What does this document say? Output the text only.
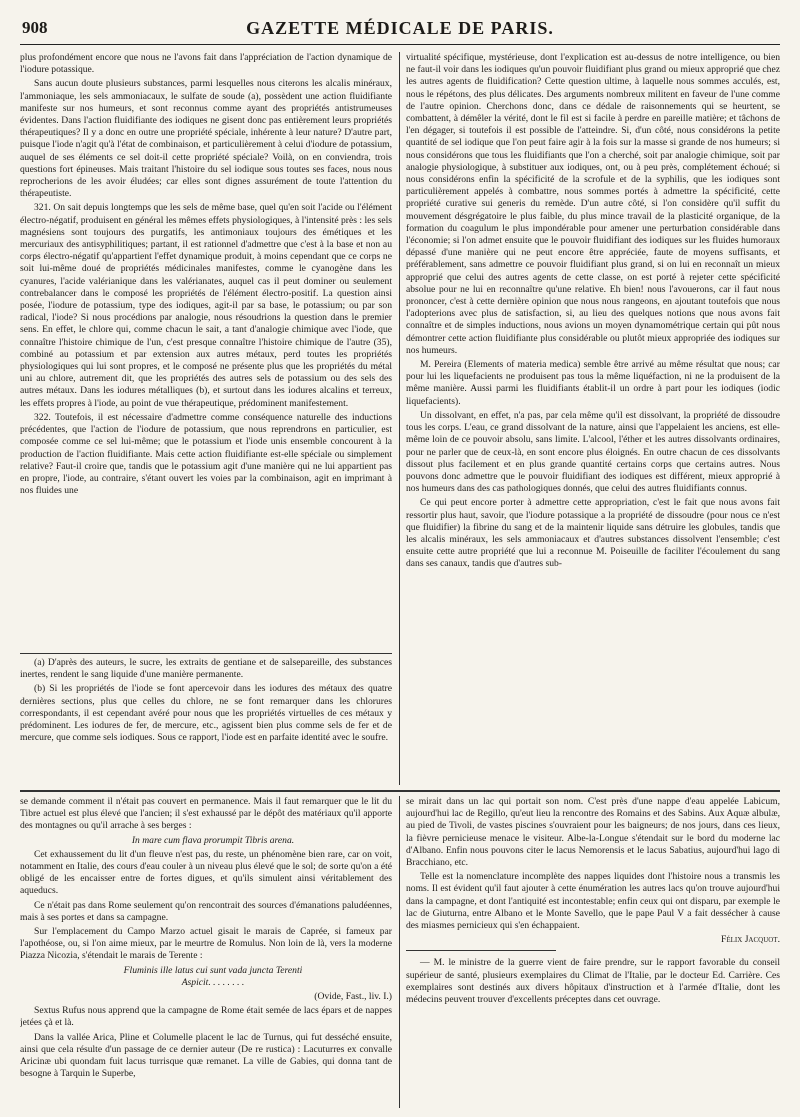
908	GAZETTE MÉDICALE DE PARIS.

plus profondément encore que nous ne l'avons fait dans l'appréciation de l'action dynamique de l'iodure potassique.

Sans aucun doute plusieurs substances, parmi lesquelles nous citerons les alcalis minéraux, l'ammoniaque, les sels ammoniacaux, le sulfate de soude (a), possèdent une action fluidifiante manifeste sur nos humeurs, et sont reconnus comme ayant des propriétés antistrumeuses évidentes. Dans l'action fluidifiante des iodiques ne gisent donc pas entièrement leurs propriétés thérapeutiques? Il y a donc en outre une propriété spéciale, inhérente à leur nature? D'autre part, puisque l'iode n'agit qu'à l'état de combinaison, et particulièrement à celui d'iodure de potassium, auquel de ses éléments ce sel doit-il cette propriété spéciale? Voilà, on en conviendra, trois questions fort épineuses. Mais traitant l'histoire du sel iodique sous toutes ses faces, nous nous reprocherions de les avoir éludées; car elles sont dignes assurément de toute l'attention du thérapeutiste.

321. On sait depuis longtemps que les sels de même base, quel qu'en soit l'acide ou l'élément électro-négatif, produisent en général les mêmes effets physiologiques, à l'intensité près : les sels magnésiens sont toujours des purgatifs, les antimoniaux toujours des émétiques et les mercuriaux des antisyphilitiques; partant, il est rationnel d'admettre que c'est à la base et non au corps électro-négatif qu'appartient l'effet dynamique produit, à moins cependant que ce corps ne soit lui-même doué de propriétés médicinales manifestes, comme le cyanogène dans les cyanures, l'acide valérianique dans les valérianates, auquel cas il peut dominer ou seulement contrebalancer dans le composé les propriétés de l'élément électro-positif. La question ainsi posée, l'iodure de potassium, type des iodiques, agit-il par sa base, le potassium; ou par son radical, l'iode? Si nous procédions par analogie, nous résoudrions la question dans le premier sens. En effet, le chlore qui, comme chacun le sait, a tant d'analogie chimique avec l'iode, que connaître l'histoire chimique de l'un, c'est presque connaître l'histoire chimique de l'autre (35), combiné au potassium et par extension aux autres métaux, perd toutes les propriétés physiologiques qui lui sont propres, et le composé ne présente plus que les propriétés du métal uni au chlore, autrement dit, que les propriétés des autres sels de potassium ou des sels des autres métaux. Dans les iodures métalliques (b), et surtout dans les iodures alcalins et terreux, les effets propres à l'iode, au point de vue thérapeutique, prédominent manifestement.

322. Toutefois, il est nécessaire d'admettre comme conséquence naturelle des inductions précédentes, que l'action de l'iodure de potassium, que nous reprendrons en particulier, est composée comme ce sel lui-même; que le potassium et l'iode unis ensemble concourent à la production de l'action fluidifiante. Mais cette action fluidifiante est-elle spéciale ou simplement relative? Faut-il croire que, tandis que le potassium agit d'une manière qui ne lui appartient pas en propre, l'iode, au contraire, s'étant ouvert les voies par la combinaison, agit en imprimant à nos fluides une

(a) D'après des auteurs, le sucre, les extraits de gentiane et de salsepareille, des substances inertes, rendent le sang liquide d'une manière permanente.

(b) Si les propriétés de l'iode se font apercevoir dans les iodures des métaux des quatre dernières sections, plus que celles du chlore, ne se font remarquer dans les chlorures correspondants, il est cependant avéré pour nous que les propriétés virtuelles de ces métaux y prédominent. Les iodures de fer, de mercure, etc., agissent bien plus comme sels de fer et de mercure, que comme sels iodiques. Sous ce rapport, l'iode est en parfaite identité avec le soufre.

virtualité spécifique, mystérieuse, dont l'explication est au-dessus de notre intelligence, ou bien ne faut-il voir dans les iodiques qu'un pouvoir fluidifiant plus grand ou mieux approprié que chez les autres agents de fluidification? Cette question ultime, à laquelle nous sommes acculés, est, nous le répétons, des plus délicates. Des arguments nombreux militent en faveur de l'une comme de l'autre opinion. Cherchons donc, dans ce dédale de raisonnements qui se heurtent, se combattent, à démêler la vérité, dont le fil est si facile à perdre en pareille matière; et tâchons de l'en dégager, si toutefois il est possible de l'atteindre. Si, d'un côté, nous considérons la petite quantité de sel iodique que l'on peut faire agir à la fois sur la masse si grande de nos humeurs; si nous considérons que tous les fluidifiants que l'on a cherché, soit par analogie chimique, soit par analogie physiologique, à substituer aux iodiques, ont, ou à peu près, complétement échoué; si nous considérons enfin la spécificité de la scrofule et de la syphilis, que les iodiques sont particulièrement appelés à combattre, nous sommes portés à admettre la spécificité, cette propriété curative sui generis du remède. D'un autre côté, si l'on considère qu'il suffit du mouvement désgrégatoire le plus faible, du plus mince travail de la plasticité organique, de la formation du coagulum le plus impondérable pour amener une perturbation considérable dans l'économie; si l'on admet ensuite que le pouvoir fluidifiant des iodiques sur les fluides humoraux dépassé d'une manière qui ne peut encore être appréciée, faute de moyens suffisants, et préférablement, sans admettre ce pouvoir fluidifiant plus grand, si on lui en reconnaît un mieux approprié que celui des autres agents de cette classe, on est porté à rejeter cette spécificité absolue pour ne lui en reconnaître qu'une relative. Eh bien! nous l'avouerons, car il faut nous prononcer, c'est à cette dernière opinion que nous nous rangeons, en ajoutant toutefois que nous l'adopterions avec plus de satisfaction, si, au lieu des quelques notions que nous avons fait connaître et de simples inductions, nous avions un moyen dynamométrique certain qui pût nous démontrer cette action fluidifiante plus considérable ou plutôt mieux appropriée des iodiques sur nos humeurs.

M. Pereira (Elements of materia medica) semble être arrivé au même résultat que nous; car pour lui les liquefacients ne produisent pas tous la même liquéfaction, ni ne la produisent de la même manière. Aussi parmi les fluidifiants établit-il un ordre à part pour les iodiques (iodic liquefacients).

Un dissolvant, en effet, n'a pas, par cela même qu'il est dissolvant, la propriété de dissoudre tous les corps. L'eau, ce grand dissolvant de la nature, ainsi que l'appelaient les anciens, est elle-même loin de ce pouvoir absolu, sans limite. L'alcool, l'éther et les autres dissolvants ordinaires, pour ne parler que de ceux-là, en sont encore plus éloignés. En outre chacun de ces dissolvants dissout plus facilement et en plus grande quantité certains corps que certains autres. Nous pouvons donc admettre que le pouvoir fluidifiant des iodiques est différent, mieux approprié à nos humeurs dans des cas pathologiques donnés, que celui des autres fluidifiants connus.

Ce qui peut encore porter à admettre cette appropriation, c'est le fait que nous avons fait ressortir plus haut, savoir, que l'iodure potassique a la propriété de dissoudre (pour nous ce n'est que fluidifier) la fibrine du sang et de la maintenir liquide sans détruire les globules, tandis que les alcalis minéraux, les sels ammoniacaux et d'autres substances dissolvent l'ensemble; c'est ensuite cette autre propriété que lui a reconnue M. Poiseuille de faciliter l'écoulement du sang dans ses canaux, tandis que d'autres sub-

se demande comment il n'était pas couvert en permanence. Mais il faut remarquer que le lit du Tibre actuel est plus élevé que l'ancien; il s'est exhaussé par le dépôt des matériaux qu'il apporte des montagnes ou qu'il arrache à ses berges :

In mare cum flava prorumpit Tibris arena.

Cet exhaussement du lit d'un fleuve n'est pas, du reste, un phénomène bien rare, car on voit, notamment en Italie, des cours d'eau couler à un niveau plus élevé que le sol; de sorte qu'on a été obligé de les encaisser entre de fortes digues, et qu'ils simulent ainsi véritablement des aqueducs.

Ce n'était pas dans Rome seulement qu'on rencontrait des sources d'émanations paludéennes, mais à ses portes et dans sa campagne.

Sur l'emplacement du Campo Marzo actuel gisait le marais de Caprée, si fameux par l'apothéose, ou, si l'on aime mieux, par le meurtre de Romulus. Non loin de là, vers la moderne Piazza Nicozia, s'étendait le marais de Terente :

Fluminis ille latus cui sunt vada juncta Terenti

Aspicit. . . . . . . .

(Ovide, Fast., liv. I.)

Sextus Rufus nous apprend que la campagne de Rome était semée de lacs épars et de nappes jetées çà et là.

Dans la vallée Arica, Pline et Columelle placent le lac de Turnus, qui fut desséché ensuite, ainsi que cela résulte d'un passage de ce dernier auteur (De re rustica) : Lacuturres ex convalle Aricinæ ubi quondam fuit lacus turrisque quæ remanet. La ville de Gabies, qui donna tant de besogne à Tarquin le Superbe,

se mirait dans un lac qui portait son nom. C'est près d'une nappe d'eau appelée Labicum, aujourd'hui lac de Regillo, qu'eut lieu la rencontre des Romains et des Sabins. Aux Aquæ albulæ, au pied de Tivoli, de vastes piscines s'ouvraient pour les baigneurs; de nos jours, dans ces lieux, la fièvre pernicieuse menace le visiteur. Albe-la-Longue s'étendait sur le bord du moderne lac d'Albano. Enfin nous pouvons citer le lacus Nemorensis et le lacus Sabatius, aujourd'hui lago di Bracchiano, etc.

Telle est la nomenclature incomplète des nappes liquides dont l'histoire nous a transmis les noms. Il est évident qu'il faut ajouter à cette énumération les autres lacs qu'on trouve aujourd'hui dans la campagne, et dont l'antiquité est incontestable; enfin ceux qui ont disparu, par exemple le lac de Giuturna, entre Albano et le Monte Savello, que le pape Paul V a fait dessécher à cause des miasmes pernicieux qui s'en échappaient.

Félix Jacquot.

— M. le ministre de la guerre vient de faire prendre, sur le rapport favorable du conseil supérieur de santé, plusieurs exemplaires du Climat de l'Italie, par le docteur Ed. Carrière. Ces exemplaires sont destinés aux divers hôpitaux d'instruction et à l'armée d'Italie, dont les médecins peuvent trouver d'excellents préceptes dans cet ouvrage.
